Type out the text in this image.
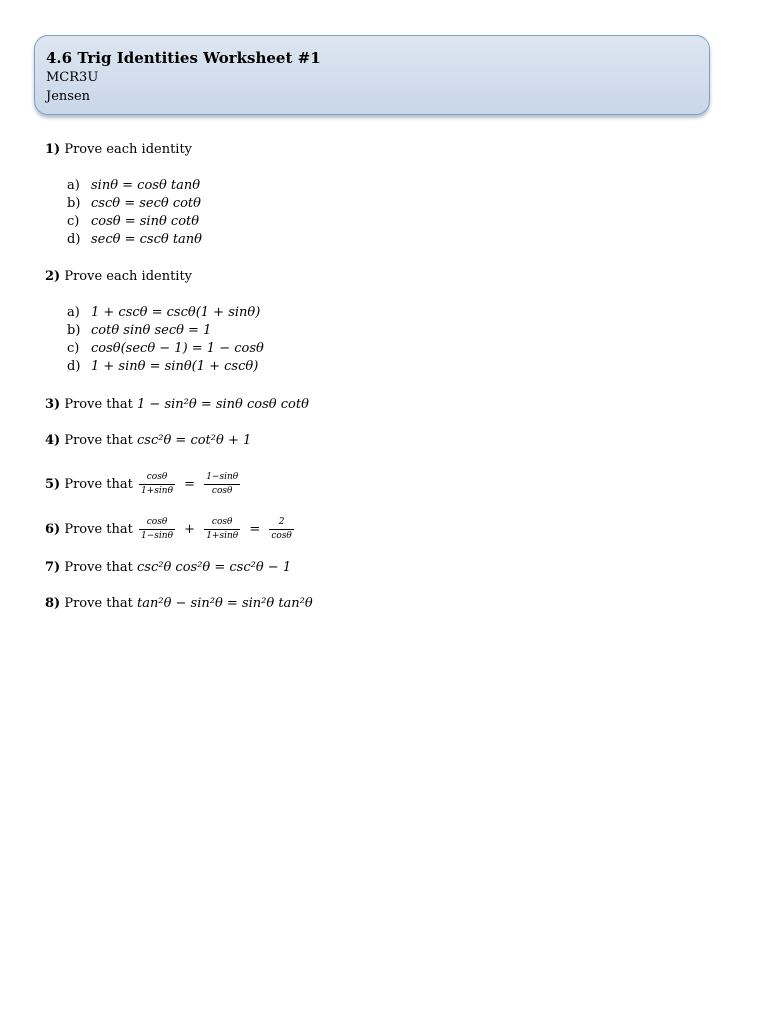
4.6 Trig Identities Worksheet #1
MCR3U
Jensen
1) Prove each identity
a) sinθ = cosθ tanθ
b) cscθ = secθ cotθ
c) cosθ = sinθ cotθ
d) secθ = cscθ tanθ
2) Prove each identity
a) 1 + cscθ = cscθ(1 + sinθ)
b) cotθ sinθ secθ = 1
c) cosθ(secθ − 1) = 1 − cosθ
d) 1 + sinθ = sinθ(1 + cscθ)
3) Prove that 1 − sin²θ = sinθ cosθ cotθ
4) Prove that csc²θ = cot²θ + 1
5) Prove that $\frac{\cos\theta}{1+\sin\theta} = \frac{1-\sin\theta}{\cos\theta}$
6) Prove that $\frac{\cos\theta}{1-\sin\theta} + \frac{\cos\theta}{1+\sin\theta} = \frac{2}{\cos\theta}$
7) Prove that csc²θ cos²θ = csc²θ − 1
8) Prove that tan²θ − sin²θ = sin²θ tan²θ
